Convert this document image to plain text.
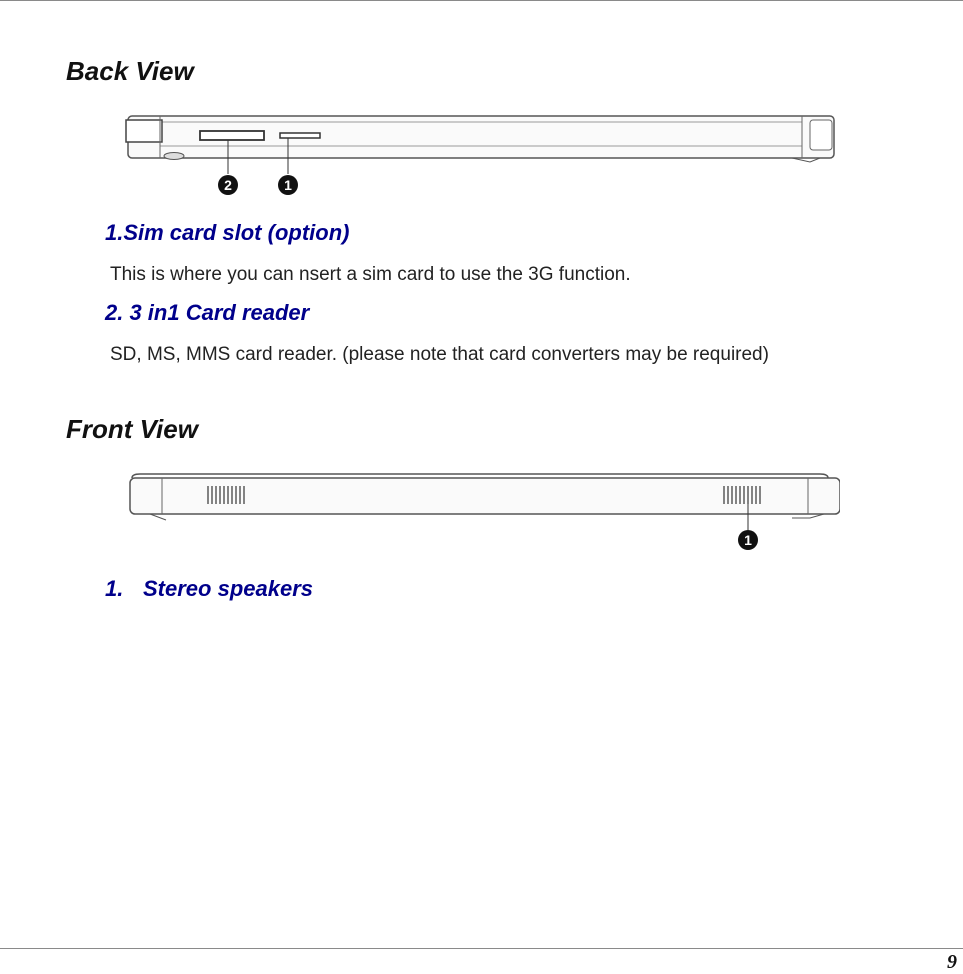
Back View
2	1
1.Sim card slot (option)

This is where you can nsert a sim card to use the 3G function.

2. 3 in1 Card reader

SD, MS, MMS card reader. (please note that card converters may be required)

Front View
1
1. Stereo speakers
9
